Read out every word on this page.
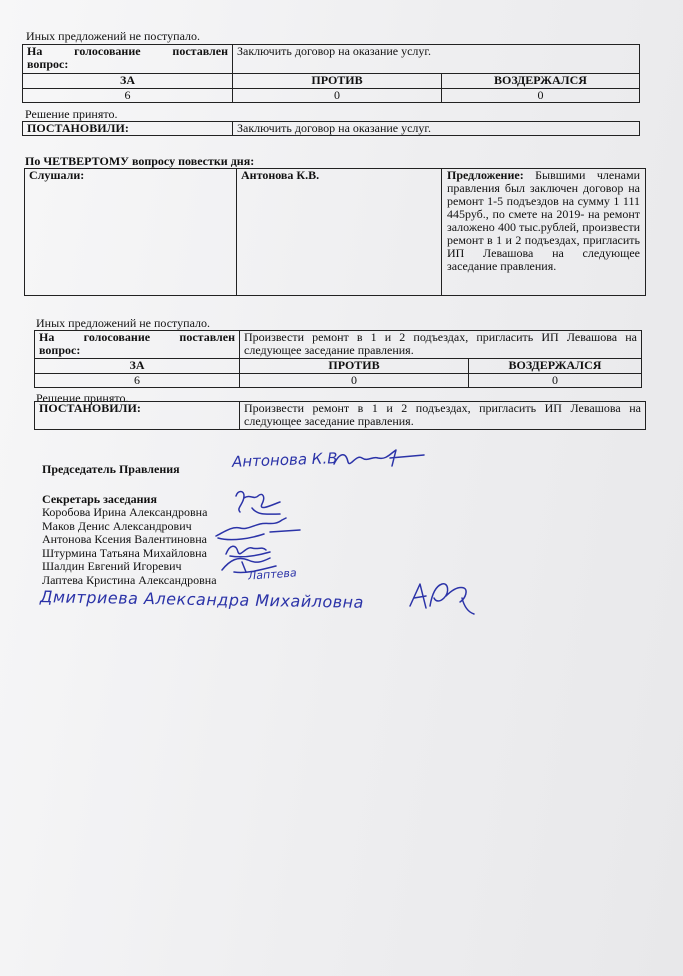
Иных предложений не поступало.
На   голосование   поставлен
вопрос:	Заключить договор на оказание услуг.	
ЗА	ПРОТИВ	ВОЗДЕРЖАЛСЯ
6	0	0
Решение принято.
ПОСТАНОВИЛИ:	Заключить договор на оказание услуг.
По ЧЕТВЕРТОМУ вопросу повестки дня:
Слушали:	Антонова К.В.	Предложение: Бывшими членами правления был заключен договор на ремонт 1-5 подъездов на сумму 1 111 445руб., по смете на 2019- на ремонт заложено 400 тыс.рублей, произвести ремонт в 1 и 2 подъездах, пригласить ИП Левашова на следующее заседание правления.
Иных предложений не поступало.
На   голосование   поставлен
вопрос:	Произвести ремонт в 1 и 2 подъездах, пригласить ИП Левашова на следующее заседание правления.	
ЗА	ПРОТИВ	ВОЗДЕРЖАЛСЯ
6	0	0
Решение принято.
ПОСТАНОВИЛИ:	Произвести ремонт в 1 и 2 подъездах, пригласить ИП Левашова на следующее заседание правления.
Председатель Правления	Антонова К.В
Секретарь заседания
Коробова Ирина Александровна
Маков Денис Александрович
Антонова Ксения Валентиновна
Штурмина Татьяна Михайловна
Шалдин Евгений Игоревич
Лаптева Кристина Александровна	Лаптева
Дмитриева Александра Михайловна
